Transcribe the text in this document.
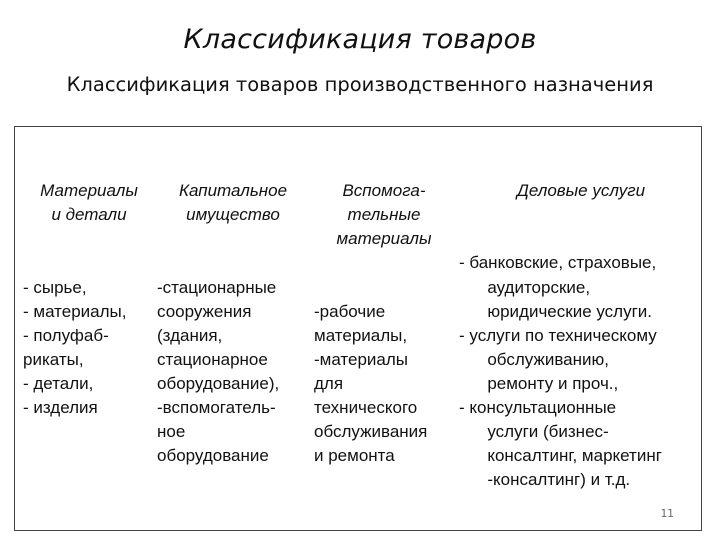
Классификация товаров
Классификация товаров производственного назначения

Материалы
и детали

- сырье,
- материалы,
- полуфаб-
рикаты,
- детали,
- изделия

Капитальное
имущество

-стационарные
сооружения
(здания,
стационарное
оборудование),
-вспомогатель-
ное
оборудование

Вспомога-
тельные
материалы

-рабочие
материалы,
-материалы
для
технического
обслуживания
и ремонта

Деловые услуги

- банковские, страховые,
аудиторские,
юридические услуги.
- услуги по техническому
обслуживанию,
ремонту и проч.,
- консультационные
услуги (бизнес-
консалтинг, маркетинг
-консалтинг) и т.д.

11
